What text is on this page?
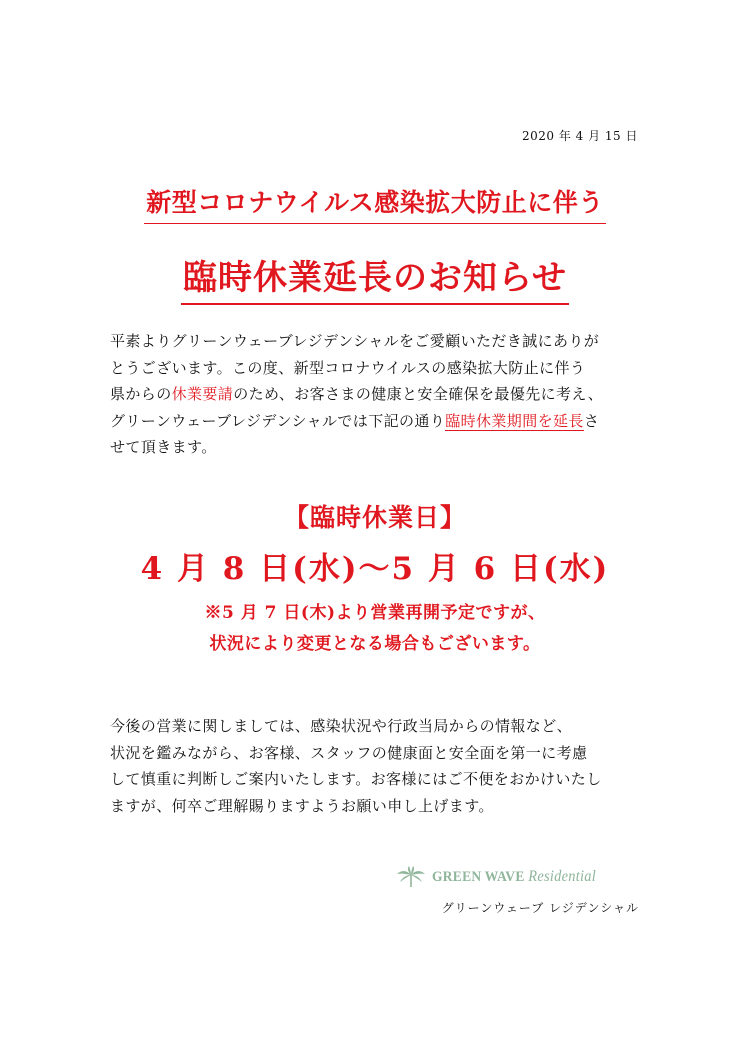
2020 年 4 月 15 日
新型コロナウイルス感染拡大防止に伴う
臨時休業延長のお知らせ
平素よりグリーンウェーブレジデンシャルをご愛顧いただき誠にありが
とうございます。この度、新型コロナウイルスの感染拡大防止に伴う
県からの休業要請のため、お客さまの健康と安全確保を最優先に考え、
グリーンウェーブレジデンシャルでは下記の通り臨時休業期間を延長さ
せて頂きます。
【臨時休業日】
4 月 8 日(水)～5 月 6 日(水)
※5 月 7 日(木)より営業再開予定ですが、
状況により変更となる場合もございます。
今後の営業に関しましては、感染状況や行政当局からの情報など、
状況を鑑みながら、お客様、スタッフの健康面と安全面を第一に考慮
して慎重に判断しご案内いたします。お客様にはご不便をおかけいたし
ますが、何卒ご理解賜りますようお願い申し上げます。
GREEN WAVE Residential
グリーンウェーブ レジデンシャル
